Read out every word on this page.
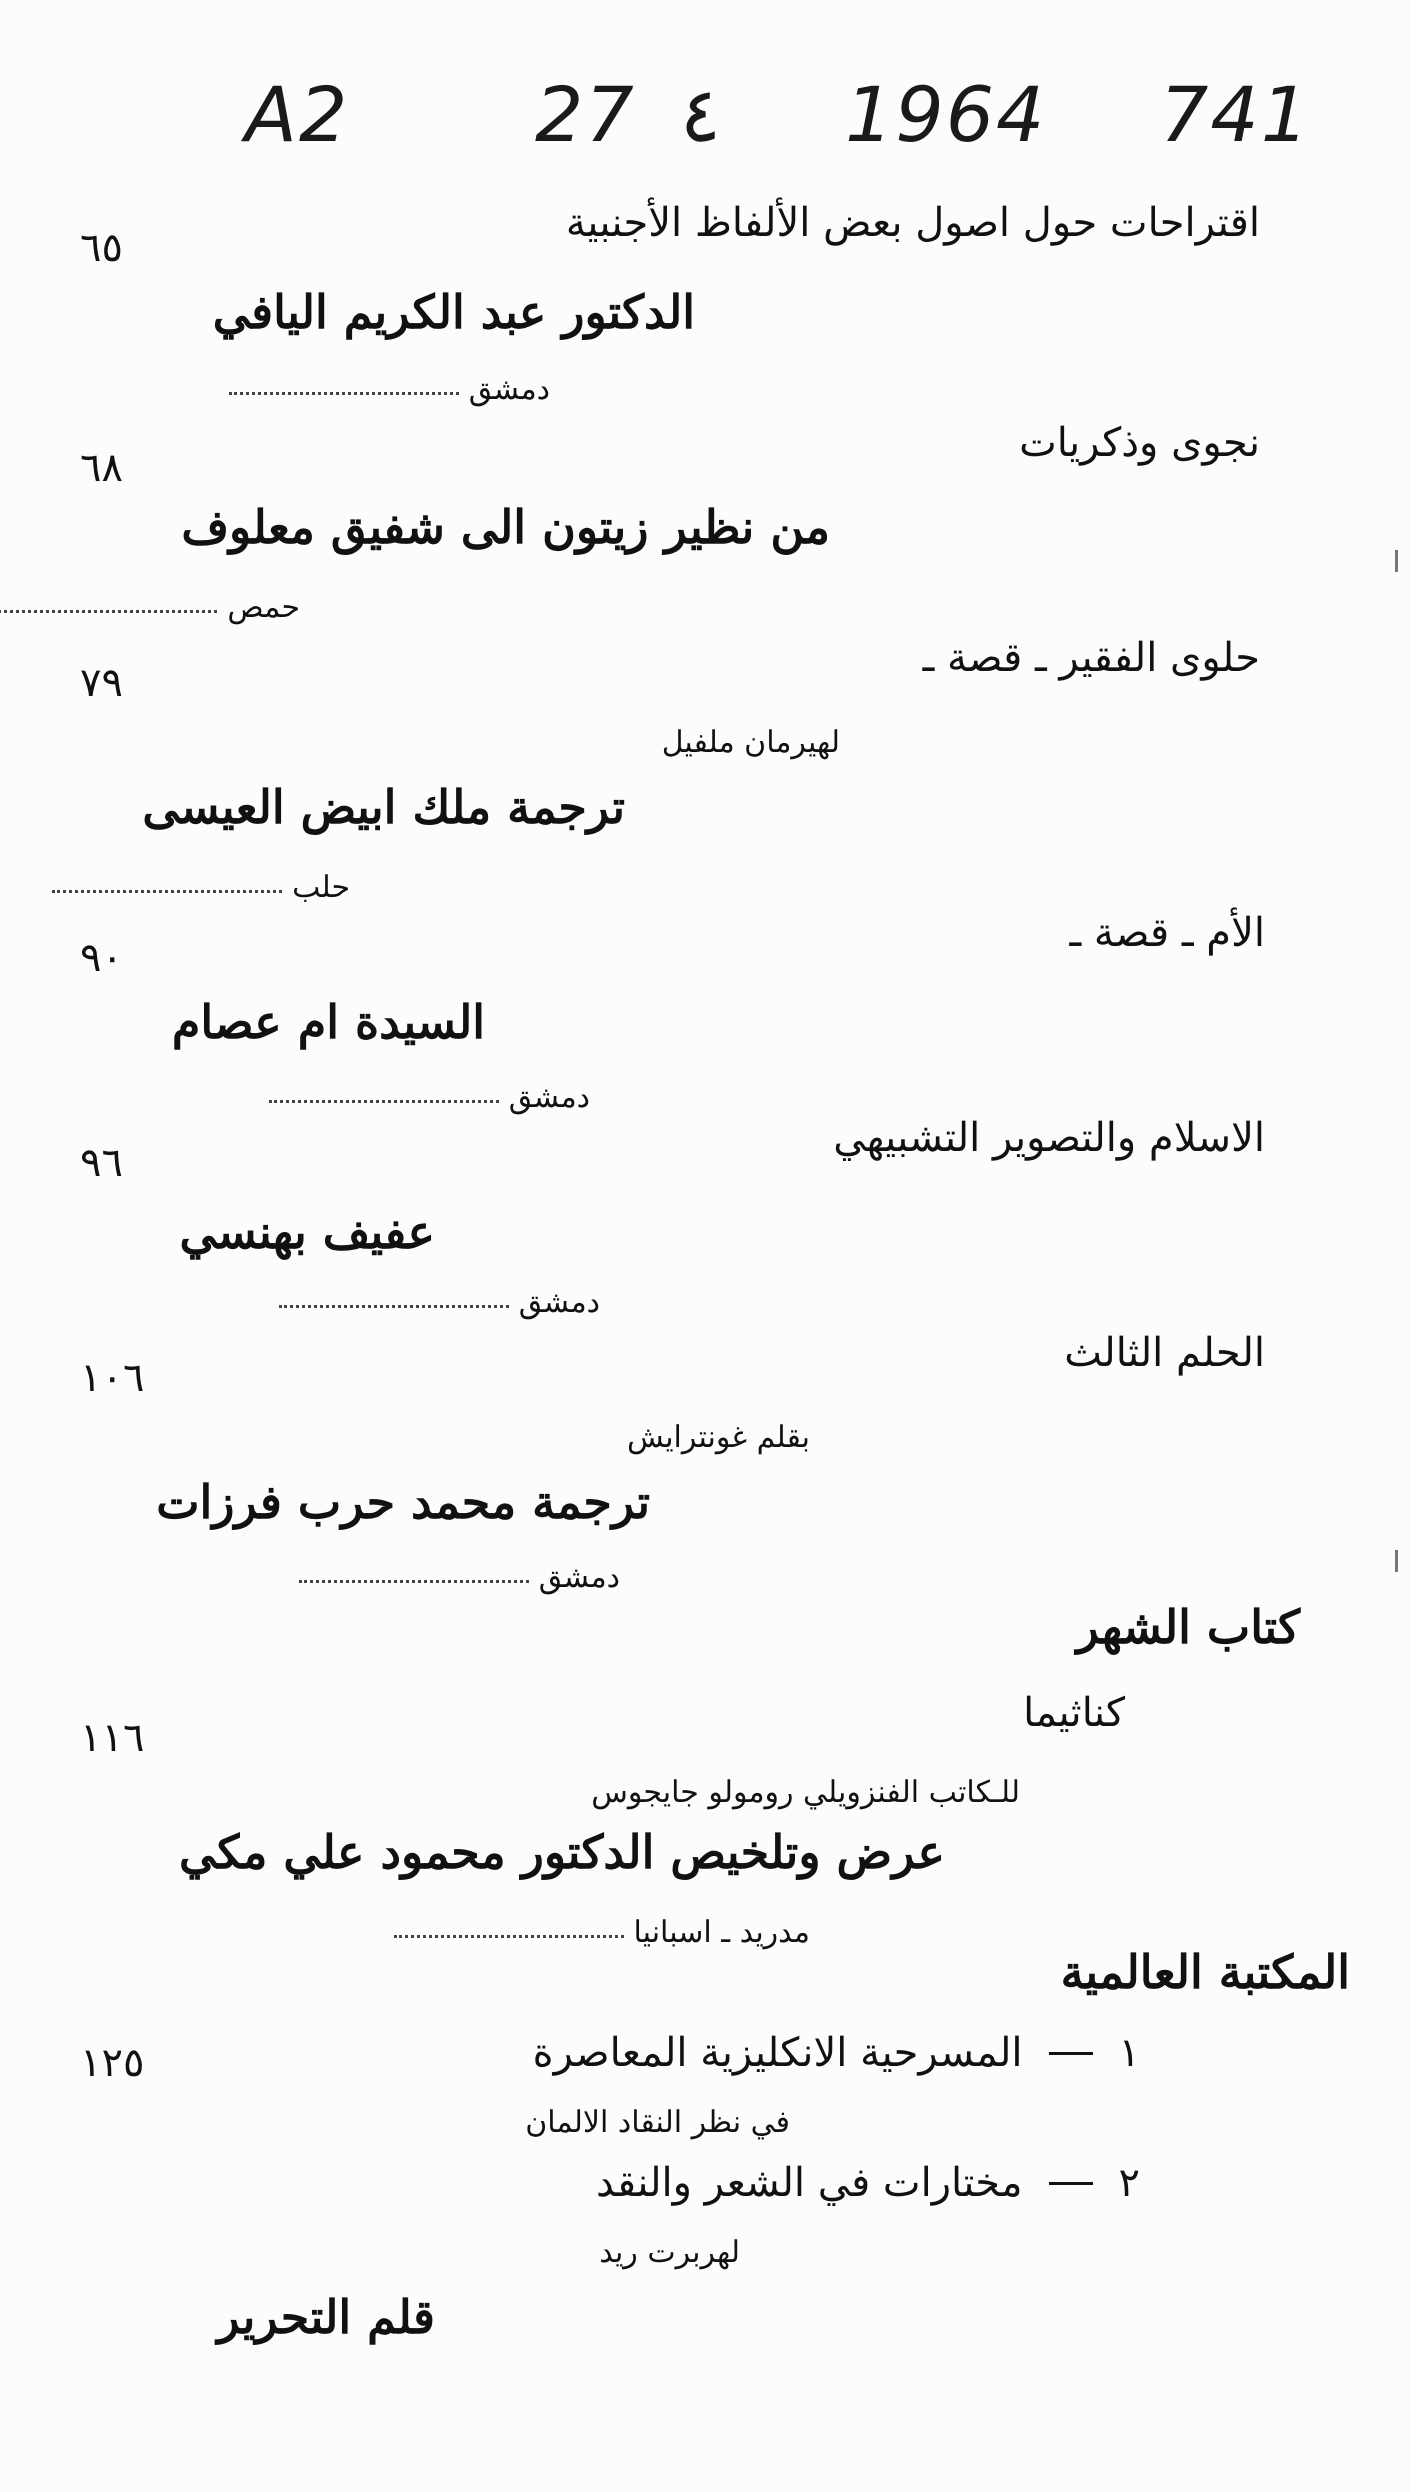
A2 27 ٤ 1964 741
اقتراحات حول اصول بعض الألفاظ الأجنبية
٦٥
الدكتور عبد الكريم اليافي
دمشق
نجوى وذكريات
٦٨
من نظير زيتون الى شفيق معلوف
حمص
حلوى الفقير ـ قصة ـ
٧٩
لهيرمان ملفيل
ترجمة ملك ابيض العيسى
حلب
الأم ـ قصة ـ
٩٠
السيدة ام عصام
دمشق
الاسلام والتصوير التشبيهي
٩٦
عفيف بهنسي
دمشق
الحلم الثالث
١٠٦
بقلم غونترايش
ترجمة محمد حرب فرزات
دمشق
كتاب الشهر
كناثيما
١١٦
للـكاتب الفنزويلي رومولو جايجوس
عرض وتلخيص الدكتور محمود علي مكي
مدريد ـ اسبانيا
المكتبة العالمية
١٢٥	١
المسرحية الانكليزية المعاصرة
في نظر النقاد الالمان
٢
مختارات في الشعر والنقد
لهربرت ريد
قلم التحرير
